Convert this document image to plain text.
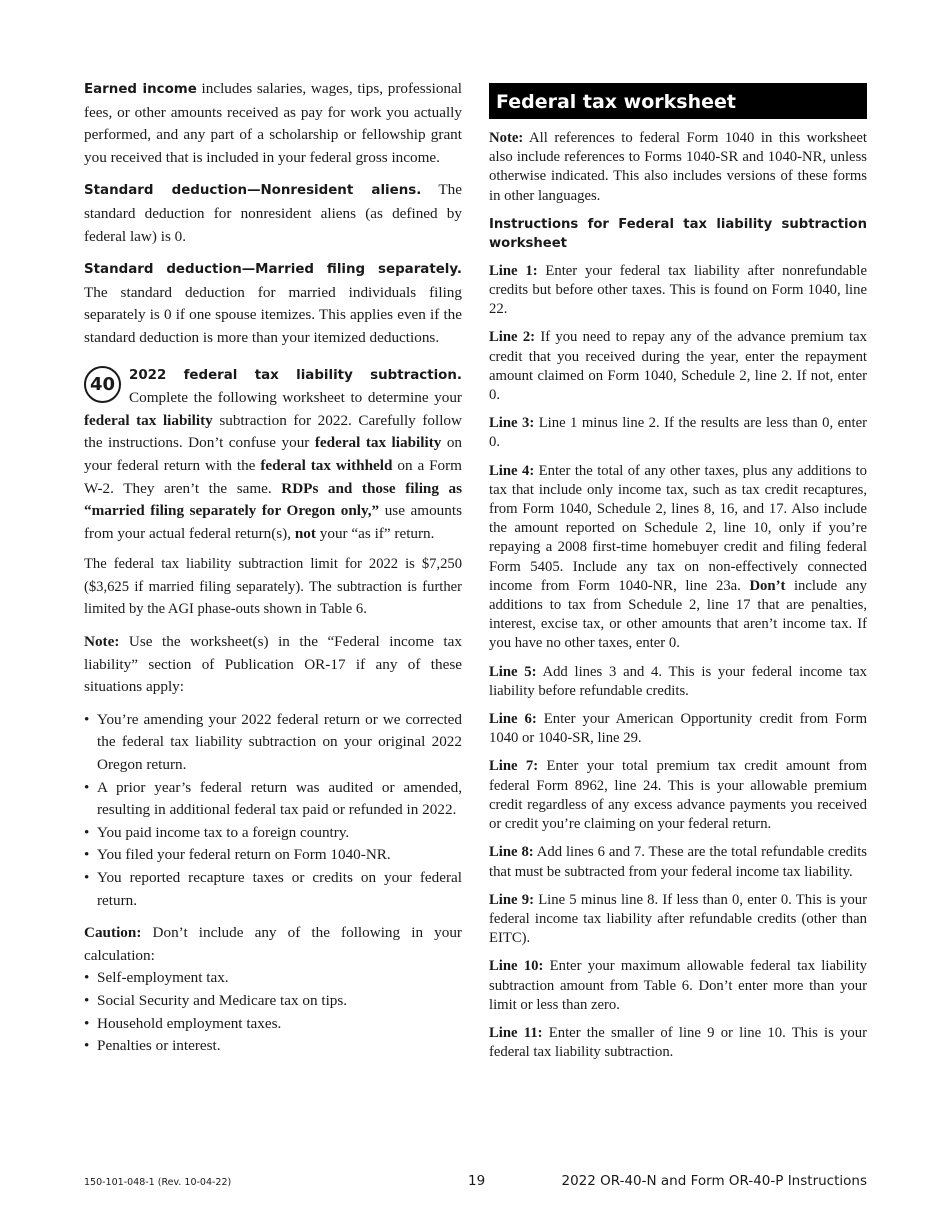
Earned income includes salaries, wages, tips, professional fees, or other amounts received as pay for work you actually performed, and any part of a scholarship or fellowship grant you received that is included in your federal gross income.

Standard deduction—Nonresident aliens. The standard deduction for nonresident aliens (as defined by federal law) is 0.

Standard deduction—Married filing separately. The standard deduction for married individuals filing separately is 0 if one spouse itemizes. This applies even if the standard deduction is more than your itemized deductions.

40	2022 federal tax liability subtraction. Complete the following worksheet to determine your federal tax liability subtraction for 2022. Carefully follow the instructions. Don’t confuse your federal tax liability on your federal return with the federal tax withheld on a Form W-2. They aren’t the same. RDPs and those filing as “married filing separately for Oregon only,” use amounts from your actual federal return(s), not your “as if” return.

The federal tax liability subtraction limit for 2022 is $7,250 ($3,625 if married filing separately). The subtraction is further limited by the AGI phase-outs shown in Table 6.

Note: Use the worksheet(s) in the “Federal income tax liability” section of Publication OR-17 if any of these situations apply:

• You’re amending your 2022 federal return or we corrected the federal tax liability subtraction on your original 2022 Oregon return.
• A prior year’s federal return was audited or amended, resulting in additional federal tax paid or refunded in 2022.
• You paid income tax to a foreign country.
• You filed your federal return on Form 1040-NR.
• You reported recapture taxes or credits on your federal return.

Caution: Don’t include any of the following in your calculation:

• Self-employment tax.
• Social Security and Medicare tax on tips.
• Household employment taxes.
• Penalties or interest.
Federal tax worksheet

Note: All references to federal Form 1040 in this worksheet also include references to Forms 1040-SR and 1040-NR, unless otherwise indicated. This also includes versions of these forms in other languages.

Instructions for Federal tax liability subtraction worksheet

Line 1: Enter your federal tax liability after nonrefundable credits but before other taxes. This is found on Form 1040, line 22.

Line 2: If you need to repay any of the advance premium tax credit that you received during the year, enter the repayment amount claimed on Form 1040, Schedule 2, line 2. If not, enter 0.

Line 3: Line 1 minus line 2. If the results are less than 0, enter 0.

Line 4: Enter the total of any other taxes, plus any additions to tax that include only income tax, such as tax credit recaptures, from Form 1040, Schedule 2, lines 8, 16, and 17. Also include the amount reported on Schedule 2, line 10, only if you’re repaying a 2008 first-time homebuyer credit and filing federal Form 5405. Include any tax on non-effectively connected income from Form 1040-NR, line 23a. Don’t include any additions to tax from Schedule 2, line 17 that are penalties, interest, excise tax, or other amounts that aren’t income tax. If you have no other taxes, enter 0.

Line 5: Add lines 3 and 4. This is your federal income tax liability before refundable credits.

Line 6: Enter your American Opportunity credit from Form 1040 or 1040-SR, line 29.

Line 7: Enter your total premium tax credit amount from federal Form 8962, line 24. This is your allowable premium credit regardless of any excess advance payments you received or credit you’re claiming on your federal return.

Line 8: Add lines 6 and 7. These are the total refundable credits that must be subtracted from your federal income tax liability.

Line 9: Line 5 minus line 8. If less than 0, enter 0. This is your federal income tax liability after refundable credits (other than EITC).

Line 10: Enter your maximum allowable federal tax liability subtraction amount from Table 6. Don’t enter more than your limit or less than zero.

Line 11: Enter the smaller of line 9 or line 10. This is your federal tax liability subtraction.

150-101-048-1 (Rev. 10-04-22)	19	2022 OR-40-N and Form OR-40-P Instructions
